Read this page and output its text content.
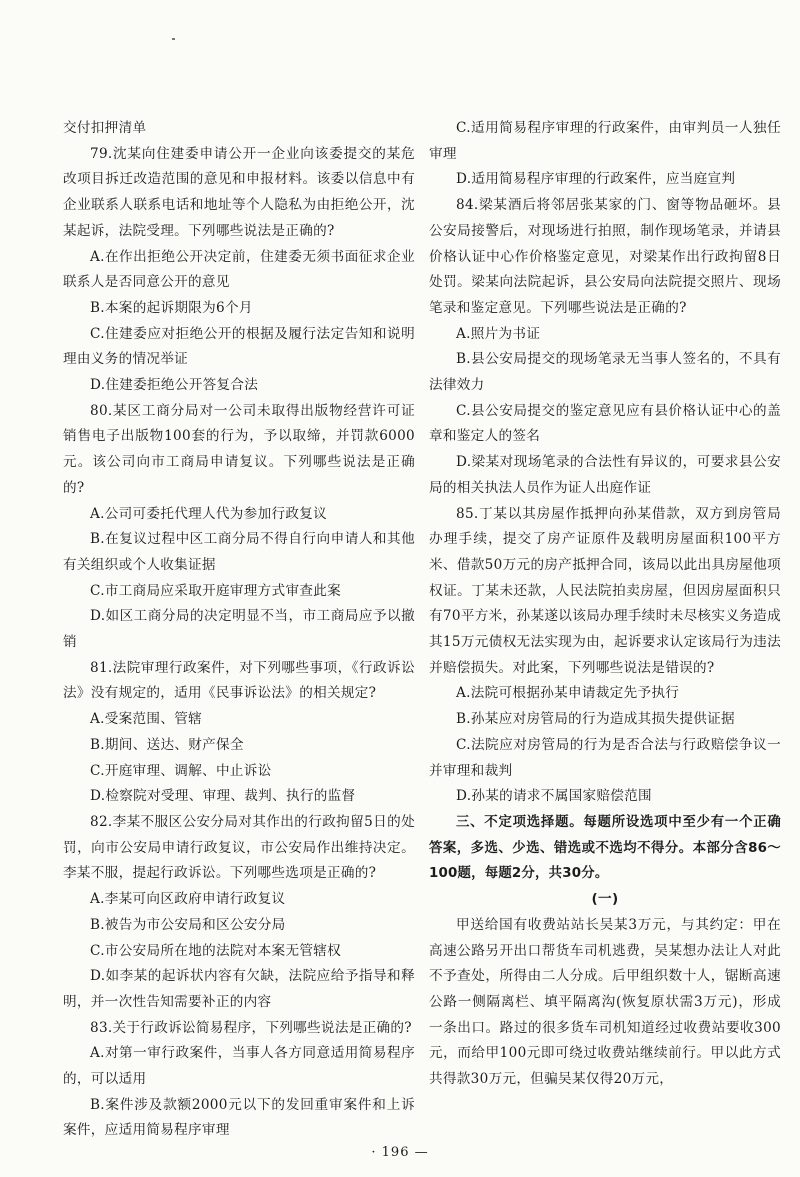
交付扣押清单

79.沈某向住建委申请公开一企业向该委提交的某危改项目拆迁改造范围的意见和申报材料。该委以信息中有企业联系人联系电话和地址等个人隐私为由拒绝公开，沈某起诉，法院受理。下列哪些说法是正确的?

A.在作出拒绝公开决定前，住建委无须书面征求企业联系人是否同意公开的意见

B.本案的起诉期限为6个月

C.住建委应对拒绝公开的根据及履行法定告知和说明理由义务的情况举证

D.住建委拒绝公开答复合法

80.某区工商分局对一公司未取得出版物经营许可证销售电子出版物100套的行为，予以取缔，并罚款6000元。该公司向市工商局申请复议。下列哪些说法是正确的?

A.公司可委托代理人代为参加行政复议

B.在复议过程中区工商分局不得自行向申请人和其他有关组织或个人收集证据

C.市工商局应采取开庭审理方式审查此案

D.如区工商分局的决定明显不当，市工商局应予以撤销

81.法院审理行政案件，对下列哪些事项，《行政诉讼法》没有规定的，适用《民事诉讼法》的相关规定?

A.受案范围、管辖

B.期间、送达、财产保全

C.开庭审理、调解、中止诉讼

D.检察院对受理、审理、裁判、执行的监督

82.李某不服区公安分局对其作出的行政拘留5日的处罚，向市公安局申请行政复议，市公安局作出维持决定。李某不服，提起行政诉讼。下列哪些选项是正确的?

A.李某可向区政府申请行政复议

B.被告为市公安局和区公安分局

C.市公安局所在地的法院对本案无管辖权

D.如李某的起诉状内容有欠缺，法院应给予指导和释明，并一次性告知需要补正的内容

83.关于行政诉讼简易程序，下列哪些说法是正确的?

A.对第一审行政案件，当事人各方同意适用简易程序的，可以适用

B.案件涉及款额2000元以下的发回重审案件和上诉案件，应适用简易程序审理

C.适用简易程序审理的行政案件，由审判员一人独任审理

D.适用简易程序审理的行政案件，应当庭宣判

84.梁某酒后将邻居张某家的门、窗等物品砸坏。县公安局接警后，对现场进行拍照，制作现场笔录，并请县价格认证中心作价格鉴定意见，对梁某作出行政拘留8日处罚。梁某向法院起诉，县公安局向法院提交照片、现场笔录和鉴定意见。下列哪些说法是正确的?

A.照片为书证

B.县公安局提交的现场笔录无当事人签名的，不具有法律效力

C.县公安局提交的鉴定意见应有县价格认证中心的盖章和鉴定人的签名

D.梁某对现场笔录的合法性有异议的，可要求县公安局的相关执法人员作为证人出庭作证

85.丁某以其房屋作抵押向孙某借款，双方到房管局办理手续，提交了房产证原件及载明房屋面积100平方米、借款50万元的房产抵押合同，该局以此出具房屋他项权证。丁某未还款，人民法院拍卖房屋，但因房屋面积只有70平方米，孙某遂以该局办理手续时未尽核实义务造成其15万元债权无法实现为由，起诉要求认定该局行为违法并赔偿损失。对此案，下列哪些说法是错误的?

A.法院可根据孙某申请裁定先予执行

B.孙某应对房管局的行为造成其损失提供证据

C.法院应对房管局的行为是否合法与行政赔偿争议一并审理和裁判

D.孙某的请求不属国家赔偿范围

三、不定项选择题。每题所设选项中至少有一个正确答案，多选、少选、错选或不选均不得分。本部分含86～100题，每题2分，共30分。

(一)

甲送给国有收费站站长吴某3万元，与其约定：甲在高速公路另开出口帮货车司机逃费，吴某想办法让人对此不予查处，所得由二人分成。后甲组织数十人，锯断高速公路一侧隔离栏、填平隔离沟(恢复原状需3万元)，形成一条出口。路过的很多货车司机知道经过收费站要收300元，而给甲100元即可绕过收费站继续前行。甲以此方式共得款30万元，但骗吴某仅得20万元，

· 196 —
